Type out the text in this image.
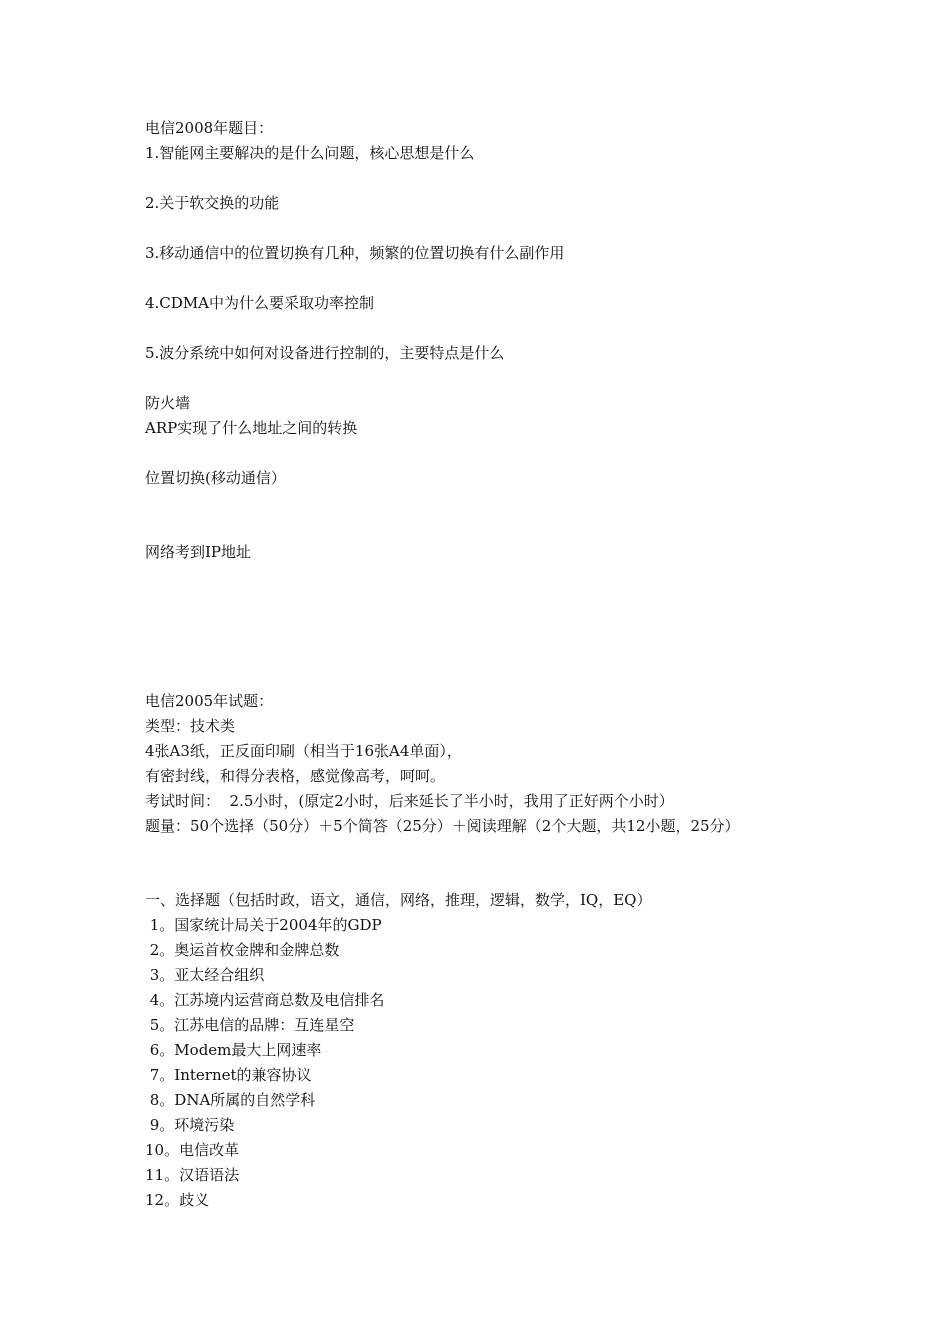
电信2008年题目：
1.智能网主要解决的是什么问题，核心思想是什么
2.关于软交换的功能
3.移动通信中的位置切换有几种，频繁的位置切换有什么副作用
4.CDMA中为什么要采取功率控制
5.波分系统中如何对设备进行控制的，主要特点是什么
防火墙
ARP实现了什么地址之间的转换
位置切换(移动通信）
网络考到IP地址
电信2005年试题：
类型：技术类
4张A3纸，正反面印刷（相当于16张A4单面），
有密封线，和得分表格，感觉像高考，呵呵。
考试时间：  2.5小时，(原定2小时，后来延长了半小时，我用了正好两个小时）
题量：50个选择（50分）＋5个简答（25分）＋阅读理解（2个大题，共12小题，25分）
一、选择题（包括时政，语文，通信，网络，推理，逻辑，数学，IQ，EQ）
1。国家统计局关于2004年的GDP
2。奥运首枚金牌和金牌总数
3。亚太经合组织
4。江苏境内运营商总数及电信排名
5。江苏电信的品牌：互连星空
6。Modem最大上网速率
7。Internet的兼容协议
8。DNA所属的自然学科
9。环境污染
10。电信改革
11。汉语语法
12。歧义
